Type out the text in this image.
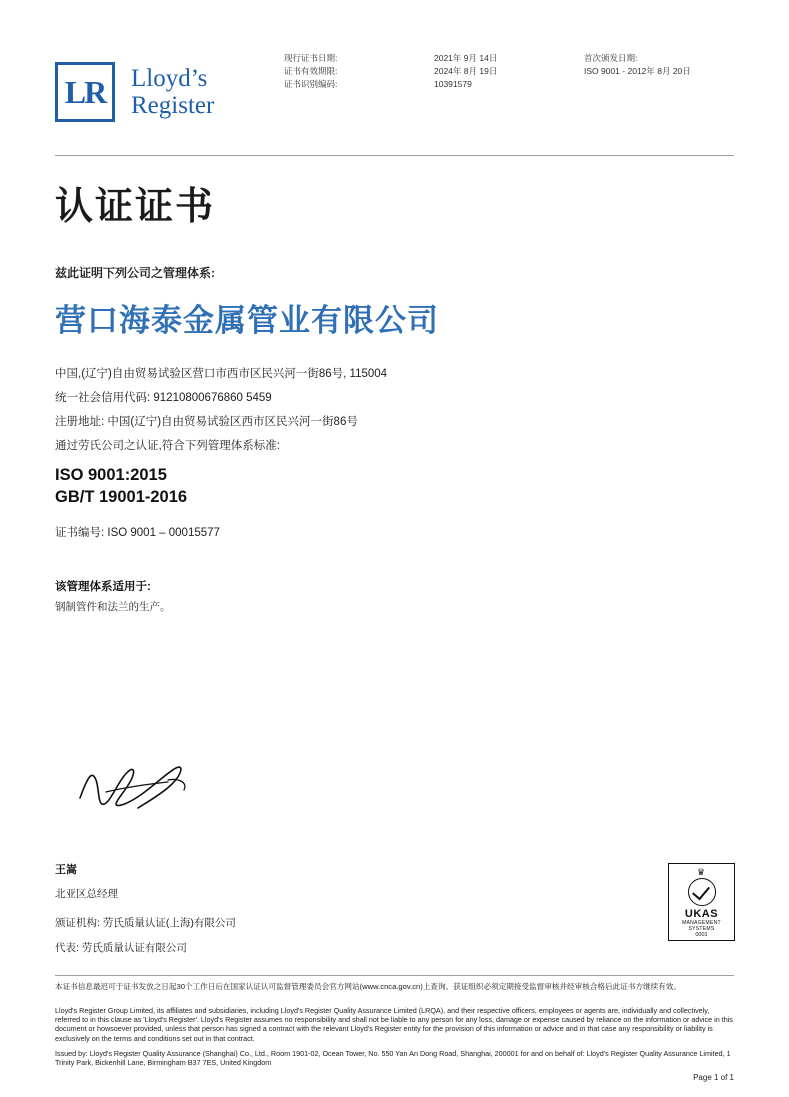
LR Lloyd’s
Register
现行证书日期:
证书有效期限:
证书识别编码:
2021年 9月 14日
2024年 8月 19日
10391579
首次颁发日期:
ISO 9001 - 2012年 8月 20日
认证证书
兹此证明下列公司之管理体系:
营口海泰金属管业有限公司
中国,(辽宁)自由贸易试验区营口市西市区民兴河一街86号, 115004
统一社会信用代码: 91210800676860 5459
注册地址: 中国(辽宁)自由贸易试验区西市区民兴河一街86号
通过劳氏公司之认证,符合下列管理体系标准:
ISO 9001:2015
GB/T 19001-2016
证书编号: ISO 9001 – 00015577
该管理体系适用于:
钢制管件和法兰的生产。
王嵩
北亚区总经理
颁证机构: 劳氏质量认证(上海)有限公司
代表: 劳氏质量认证有限公司
♛
UKAS
MANAGEMENT
SYSTEMS
0001
本证书信息最迟可于证书发放之日起30个工作日后在国家认证认可监督管理委员会官方网站(www.cnca.gov.cn)上查询。获证组织必须定期接受监督审核并经审核合格后此证书方继续有效。

Lloyd's Register Group Limited, its affiliates and subsidiaries, including Lloyd's Register Quality Assurance Limited (LRQA), and their respective officers, employees or agents are, individually and collectively, referred to in this clause as 'Lloyd's Register'. Lloyd's Register assumes no responsibility and shall not be liable to any person for any loss, damage or expense caused by reliance on the information or advice in this document or howsoever provided, unless that person has signed a contract with the relevant Lloyd's Register entity for the provision of this information or advice and in that case any responsibility or liability is exclusively on the terms and conditions set out in that contract.

Issued by: Lloyd's Register Quality Assurance (Shanghai) Co., Ltd., Room 1901-02, Ocean Tower, No. 550 Yan An Dong Road, Shanghai, 200001 for and on behalf of: Lloyd's Register Quality Assurance Limited, 1 Trinity Park, Bickenhill Lane, Birmingham B37 7ES, United Kingdom

Page 1 of 1
